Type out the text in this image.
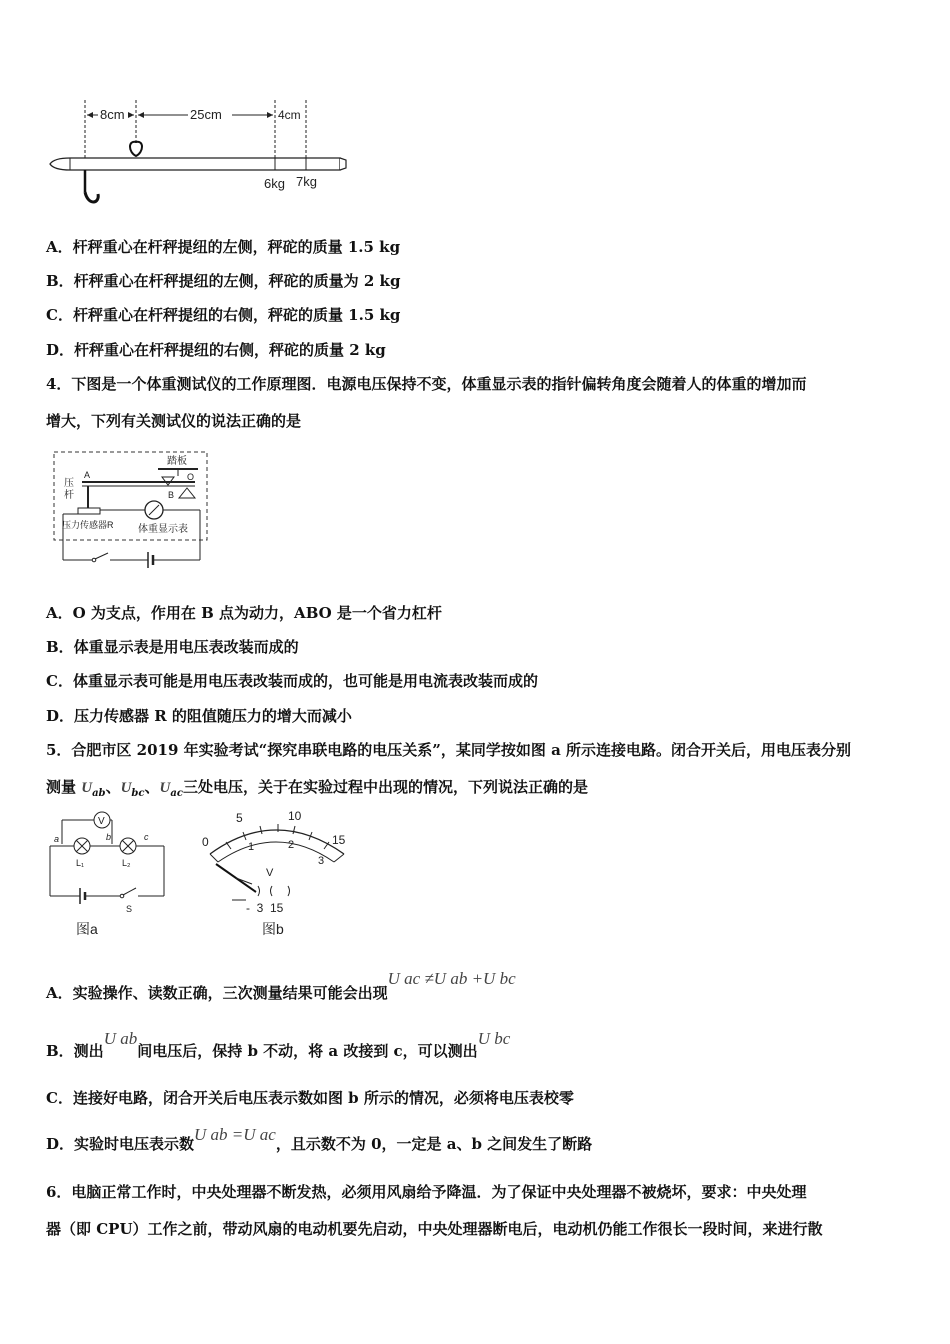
8cm	25cm	4cm
6kg 7kg
A．杆秤重心在杆秤提纽的左侧，秤砣的质量 1.5 kg
B．杆秤重心在杆秤提纽的左侧，秤砣的质量为 2 kg
C．杆秤重心在杆秤提纽的右侧，秤砣的质量 1.5 kg
D．杆秤重心在杆秤提纽的右侧，秤砣的质量 2 kg
4．下图是一个体重测试仪的工作原理图．电源电压保持不变，体重显示表的指针偏转角度会随着人的体重的增加而
增大，下列有关测试仪的说法正确的是
踏板
O
A
B
压
杆
压力传感器R 体重显示表
A．O 为支点，作用在 B 点为动力，ABO 是一个省力杠杆
B．体重显示表是用电压表改装而成的
C．体重显示表可能是用电压表改装而成的，也可能是用电流表改装而成的
D．压力传感器 R 的阻值随压力的增大而减小
5．合肥市区 2019 年实验考试“探究串联电路的电压关系”，某同学按如图 a 所示连接电路。闭合开关后，用电压表分别
测量 $U_{ab}$、$U_{bc}$、$U_{ac}$三处电压，关于在实验过程中出现的情况，下列说法正确的是
V
a	b	c
L₁	L₂
S
图a
0
5	10
15
1	2
3
V
-  3  15
图b
A．实验操作、读数正确，三次测量结果可能会出现U ac ≠U ab +U bc
B．测出U ab间电压后，保持 b 不动，将 a 改接到 c，可以测出U bc
C．连接好电路，闭合开关后电压表示数如图 b 所示的情况，必须将电压表校零
D．实验时电压表示数U ab =U ac，且示数不为 0，一定是 a、b 之间发生了断路
6．电脑正常工作时，中央处理器不断发热，必须用风扇给予降温．为了保证中央处理器不被烧坏，要求：中央处理
器（即 CPU）工作之前，带动风扇的电动机要先启动，中央处理器断电后，电动机仍能工作很长一段时间，来进行散
